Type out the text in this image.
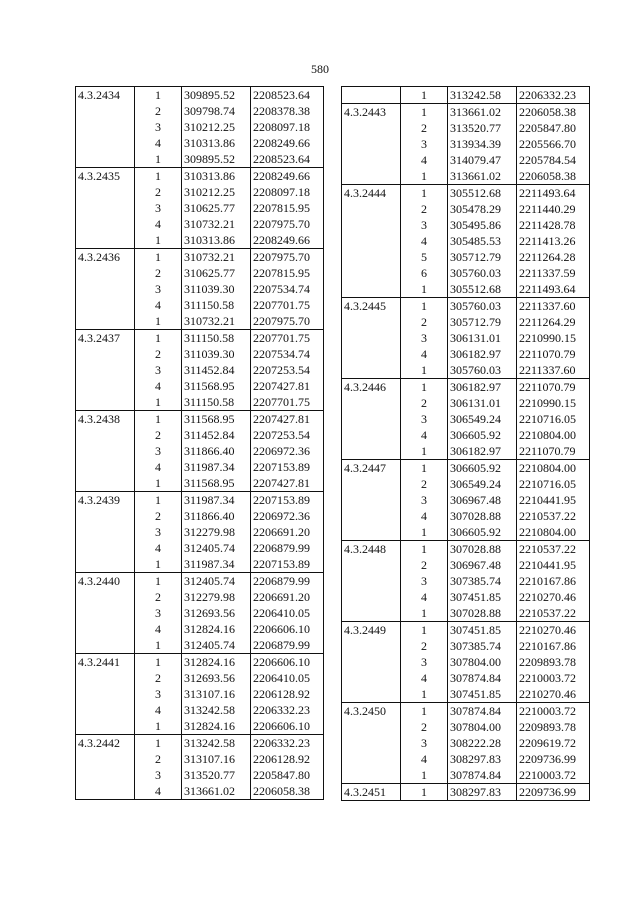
580
4.3.2434	1	309895.52	2208523.64
	2	309798.74	2208378.38
	3	310212.25	2208097.18
	4	310313.86	2208249.66
	1	309895.52	2208523.64
4.3.2435	1	310313.86	2208249.66
	2	310212.25	2208097.18
	3	310625.77	2207815.95
	4	310732.21	2207975.70
	1	310313.86	2208249.66
4.3.2436	1	310732.21	2207975.70
	2	310625.77	2207815.95
	3	311039.30	2207534.74
	4	311150.58	2207701.75
	1	310732.21	2207975.70
4.3.2437	1	311150.58	2207701.75
	2	311039.30	2207534.74
	3	311452.84	2207253.54
	4	311568.95	2207427.81
	1	311150.58	2207701.75
4.3.2438	1	311568.95	2207427.81
	2	311452.84	2207253.54
	3	311866.40	2206972.36
	4	311987.34	2207153.89
	1	311568.95	2207427.81
4.3.2439	1	311987.34	2207153.89
	2	311866.40	2206972.36
	3	312279.98	2206691.20
	4	312405.74	2206879.99
	1	311987.34	2207153.89
4.3.2440	1	312405.74	2206879.99
	2	312279.98	2206691.20
	3	312693.56	2206410.05
	4	312824.16	2206606.10
	1	312405.74	2206879.99
4.3.2441	1	312824.16	2206606.10
	2	312693.56	2206410.05
	3	313107.16	2206128.92
	4	313242.58	2206332.23
	1	312824.16	2206606.10
4.3.2442	1	313242.58	2206332.23
	2	313107.16	2206128.92
	3	313520.77	2205847.80
	4	313661.02	2206058.38
	1	313242.58	2206332.23
4.3.2443	1	313661.02	2206058.38
	2	313520.77	2205847.80
	3	313934.39	2205566.70
	4	314079.47	2205784.54
	1	313661.02	2206058.38
4.3.2444	1	305512.68	2211493.64
	2	305478.29	2211440.29
	3	305495.86	2211428.78
	4	305485.53	2211413.26
	5	305712.79	2211264.28
	6	305760.03	2211337.59
	1	305512.68	2211493.64
4.3.2445	1	305760.03	2211337.60
	2	305712.79	2211264.29
	3	306131.01	2210990.15
	4	306182.97	2211070.79
	1	305760.03	2211337.60
4.3.2446	1	306182.97	2211070.79
	2	306131.01	2210990.15
	3	306549.24	2210716.05
	4	306605.92	2210804.00
	1	306182.97	2211070.79
4.3.2447	1	306605.92	2210804.00
	2	306549.24	2210716.05
	3	306967.48	2210441.95
	4	307028.88	2210537.22
	1	306605.92	2210804.00
4.3.2448	1	307028.88	2210537.22
	2	306967.48	2210441.95
	3	307385.74	2210167.86
	4	307451.85	2210270.46
	1	307028.88	2210537.22
4.3.2449	1	307451.85	2210270.46
	2	307385.74	2210167.86
	3	307804.00	2209893.78
	4	307874.84	2210003.72
	1	307451.85	2210270.46
4.3.2450	1	307874.84	2210003.72
	2	307804.00	2209893.78
	3	308222.28	2209619.72
	4	308297.83	2209736.99
	1	307874.84	2210003.72
4.3.2451	1	308297.83	2209736.99
